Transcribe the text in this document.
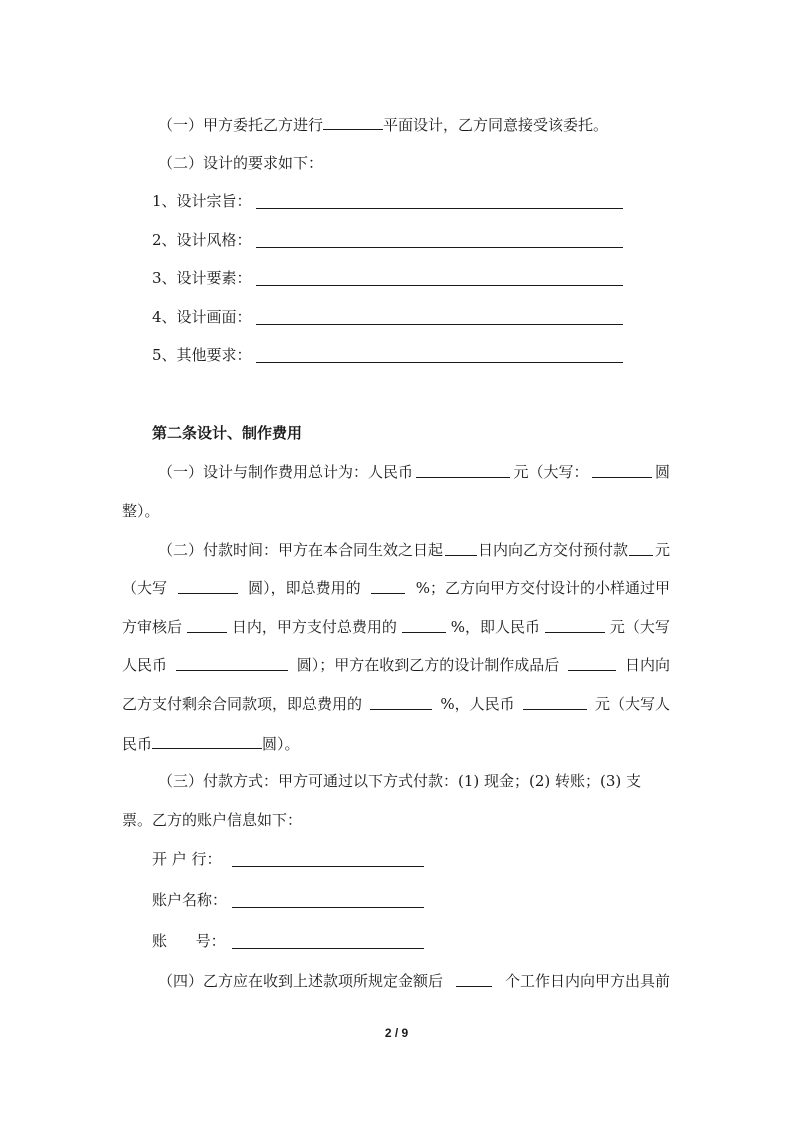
（一）甲方委托乙方进行	平面设计，乙方同意接受该委托。
（二）设计的要求如下：
1、设计宗旨：
2、设计风格：
3、设计要素：
4、设计画面：
5、其他要求：
第二条设计、制作费用
（一）设计与制作费用总计为：人民币	元（大写：	圆
整）。
（二）付款时间：甲方在本合同生效之日起 日内向乙方交付预付款 元
（大写	圆），即总费用的	%；乙方向甲方交付设计的小样通过甲
方审核后	日内，甲方支付总费用的	%，即人民币	元（大写
人民币	圆）；甲方在收到乙方的设计制作成品后	日内向
乙方支付剩余合同款项，即总费用的	%，人民币	元（大写人
民币	圆）。
（三）付款方式：甲方可通过以下方式付款：(1) 现金；(2) 转账；(3) 支
票。乙方的账户信息如下：
开 户 行：
账户名称：
账      号：
（四）乙方应在收到上述款项所规定金额后	个工作日内向甲方出具前
2 / 9
